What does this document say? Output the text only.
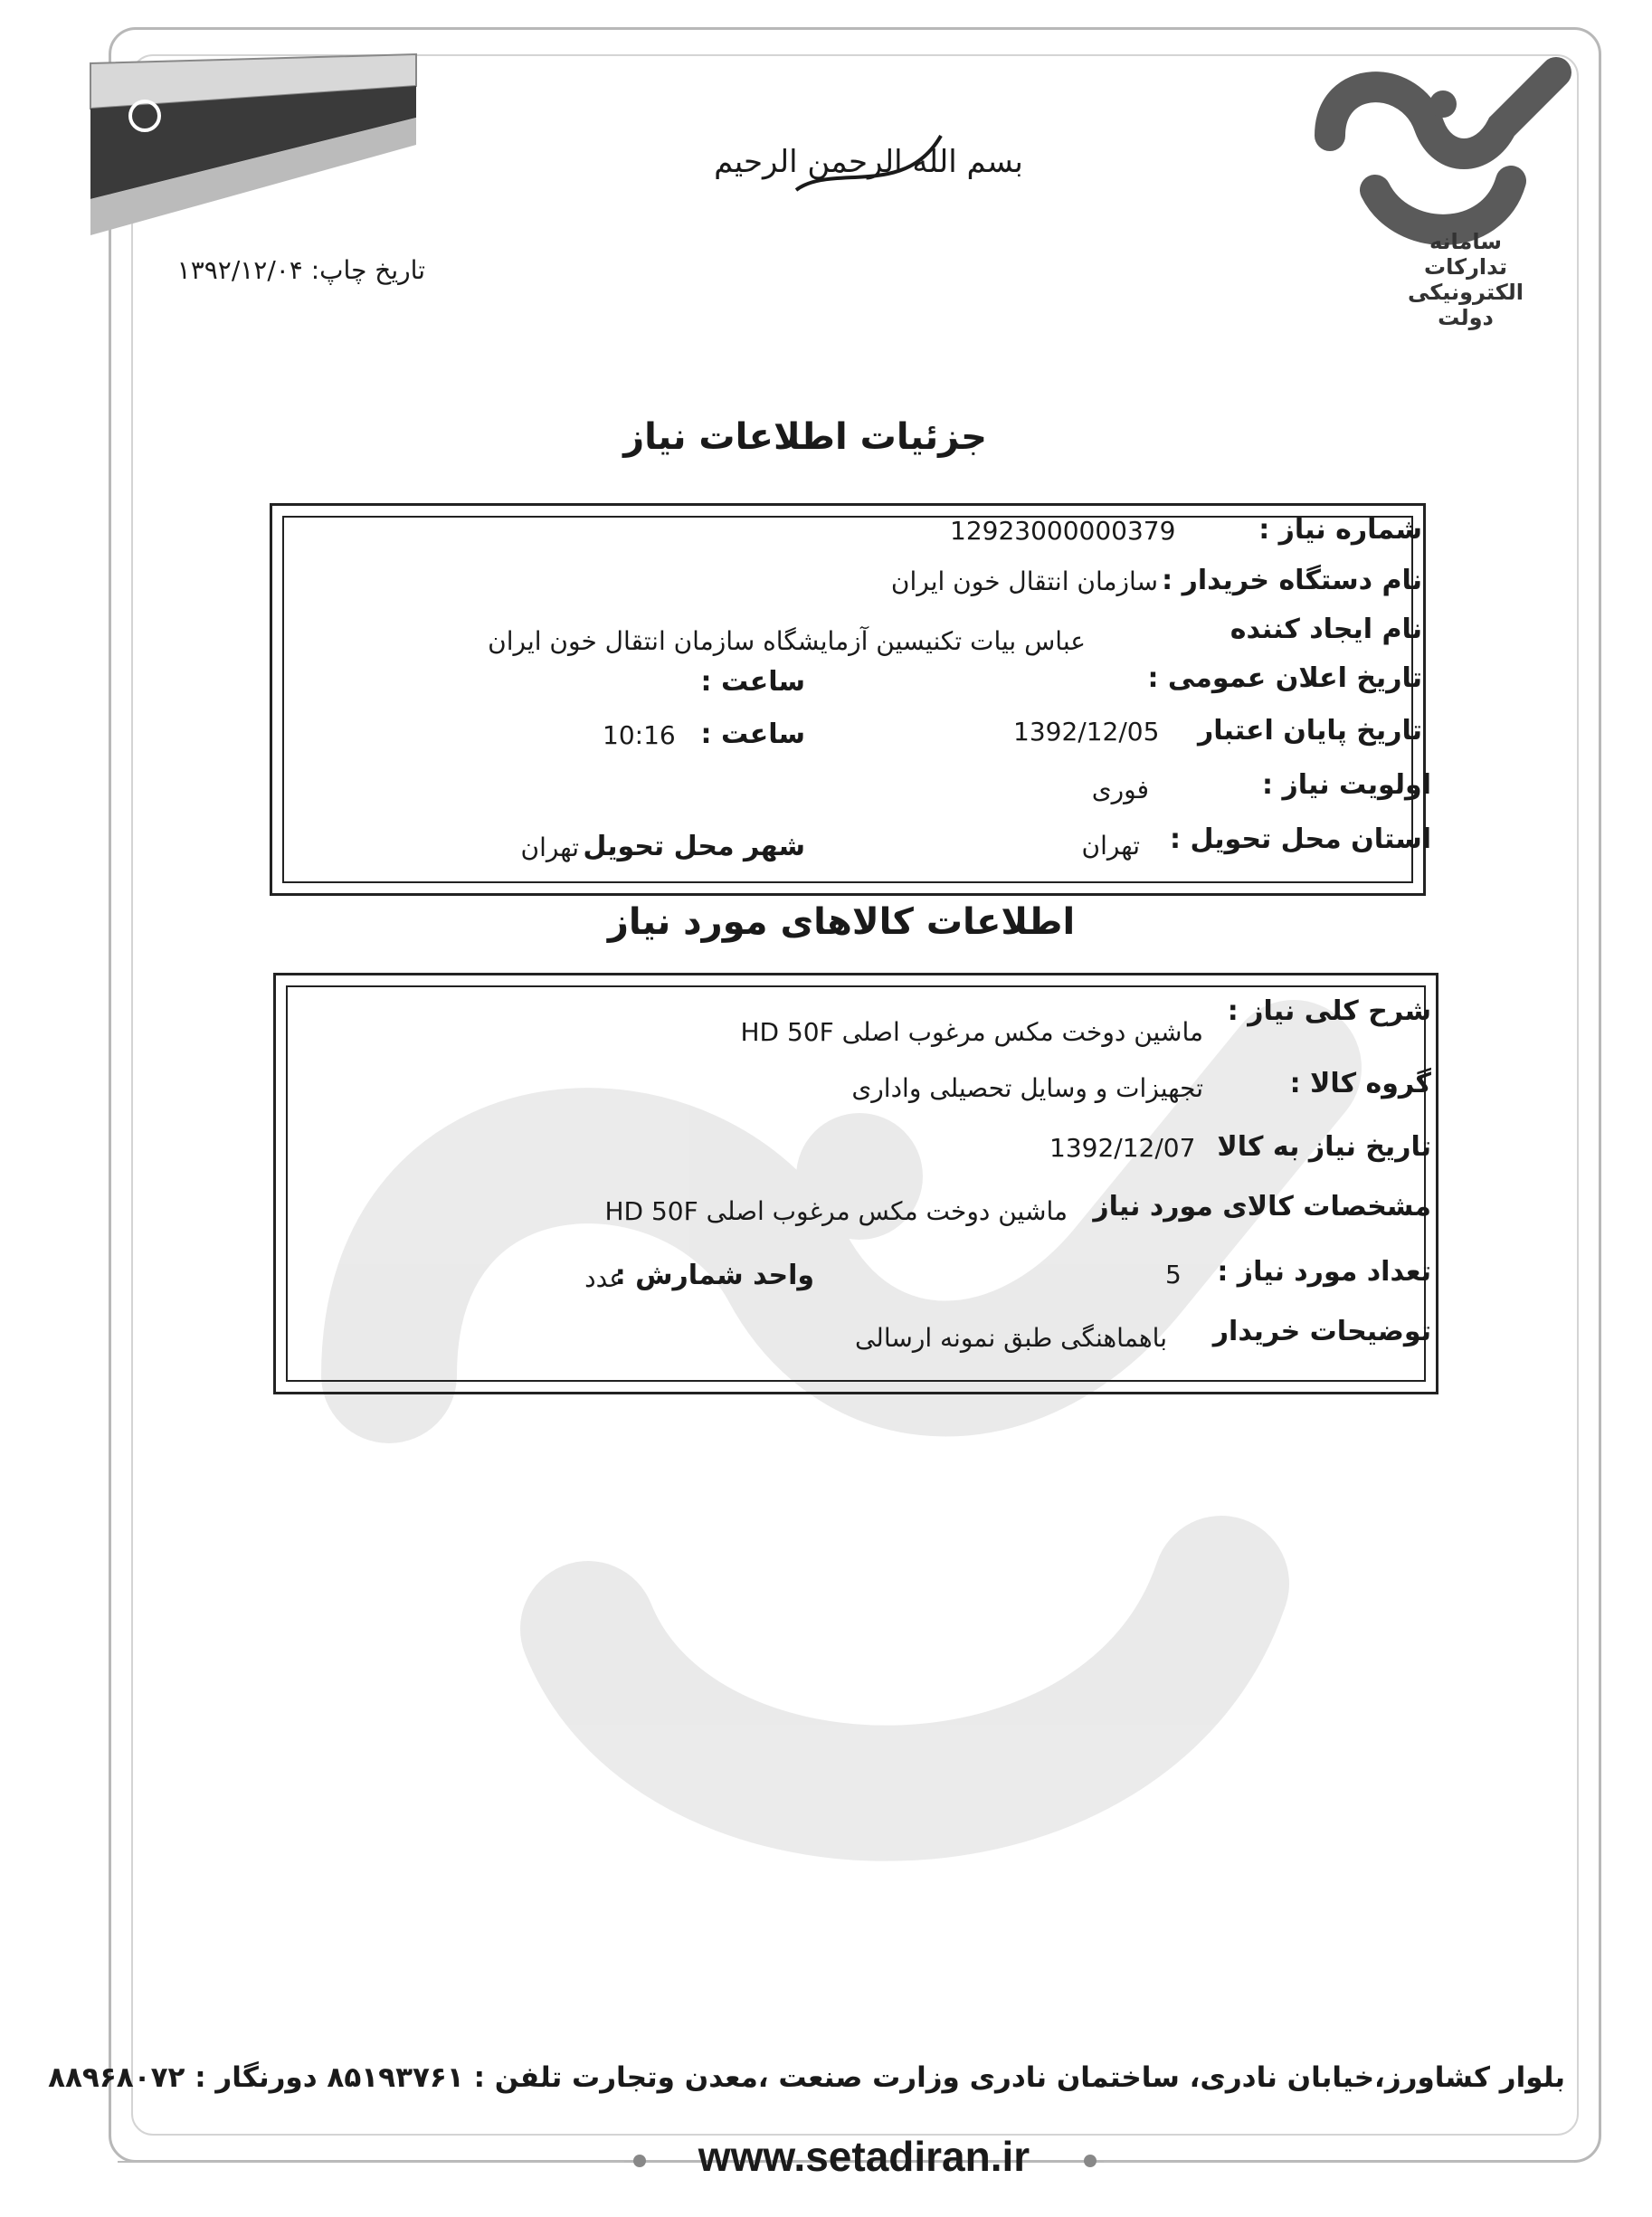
بسم الله الرحمن الرحیم
سامانه
تدارکات
الکترونیکی
دولت
تاریخ چاپ: ۱۳۹۲/۱۲/۰۴
جزئیات اطلاعات نیاز
شماره نیاز :
12923000000379
نام دستگاه خریدار :
سازمان انتقال خون ایران
نام ایجاد کننده
عباس بیات تکنیسین آزمایشگاه سازمان انتقال خون ایران
تاریخ اعلان عمومی :
ساعت :
تاریخ پایان اعتبار
1392/12/05
ساعت :
10:16
اولویت نیاز :
فوری
استان محل تحویل :
تهران
شهر محل تحویل
تهران
اطلاعات کالاهای مورد نیاز
شرح کلی نیاز :
ماشین دوخت مکس مرغوب اصلی HD 50F
گروه کالا :
تجهیزات و وسایل تحصیلی واداری
تاریخ نیاز به کالا
1392/12/07
مشخصات کالای مورد نیاز
ماشین دوخت مکس مرغوب اصلی HD 50F
تعداد مورد نیاز :
5
واحد شمارش :
عدد
توضیحات خریدار
باهماهنگی طبق نمونه ارسالی
بلوار کشاورز،خیابان نادری، ساختمان نادری وزارت صنعت ،معدن وتجارت تلفن : ۸۵۱۹۳۷۶۱ دورنگار : ۸۸۹۶۸۰۷۲
www.setadiran.ir
